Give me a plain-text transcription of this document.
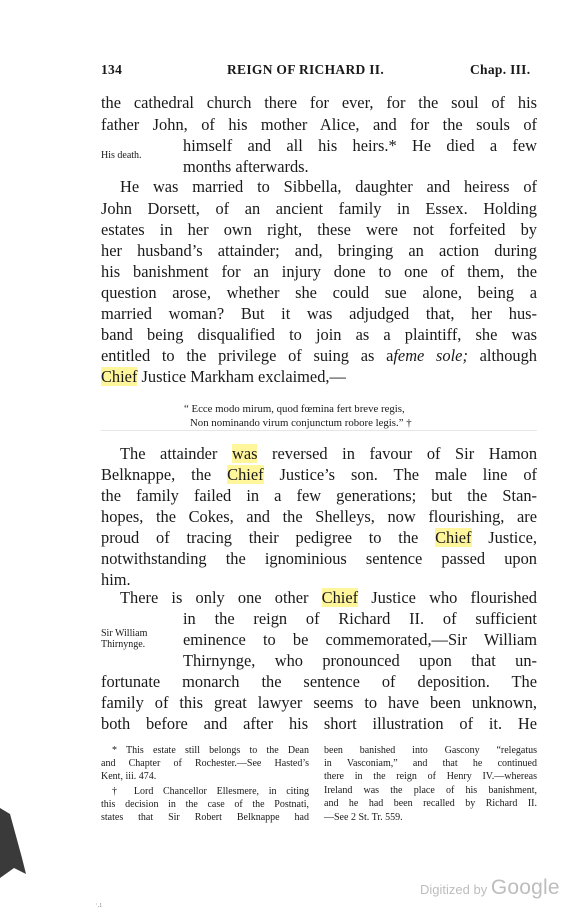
134	REIGN OF RICHARD II.	Chap. III.
the cathedral church there for ever, for the soul of his
father John, of his mother Alice, and for the souls of
His death.
himself and all his heirs.* He died a few
months afterwards.
He was married to Sibbella, daughter and heiress of
John Dorsett, of an ancient family in Essex. Holding
estates in her own right, these were not forfeited by
her husband’s attainder; and, bringing an action during
his banishment for an injury done to one of them, the
question arose, whether she could sue alone, being a
married woman? But it was adjudged that, her hus-
band being disqualified to join as a plaintiff, she was
entitled to the privilege of suing as afeme sole; although
Chief Justice Markham exclaimed,—
“ Ecce modo mirum, quod fœmina fert breve regis,
Non nominando virum conjunctum robore legis.” †
The attainder was reversed in favour of Sir Hamon
Belknappe, the Chief Justice’s son. The male line of
the family failed in a few generations; but the Stan-
hopes, the Cokes, and the Shelleys, now flourishing, are
proud of tracing their pedigree to the Chief Justice,
notwithstanding the ignominious sentence passed upon
him.
There is only one other Chief Justice who flourished
in the reign of Richard II. of sufficient
Sir William Thirnynge.	eminence to be commemorated,—Sir William
Thirnynge, who pronounced upon that un-
fortunate monarch the sentence of deposition. The
family of this great lawyer seems to have been unknown,
both before and after his short illustration of it. He
* This estate still belongs to the Dean
and Chapter of Rochester.—See Hasted’s
Kent, iii. 474.
† Lord Chancellor Ellesmere, in citing
this decision in the case of the Postnati,
states that Sir Robert Belknappe had
been banished into Gascony “relegatus
in Vasconiam,” and that he continued
there in the reign of Henry IV.—whereas
Ireland was the place of his banishment,
and he had been recalled by Richard II.
—See 2 St. Tr. 559.
·.ı
Digitized by Google
